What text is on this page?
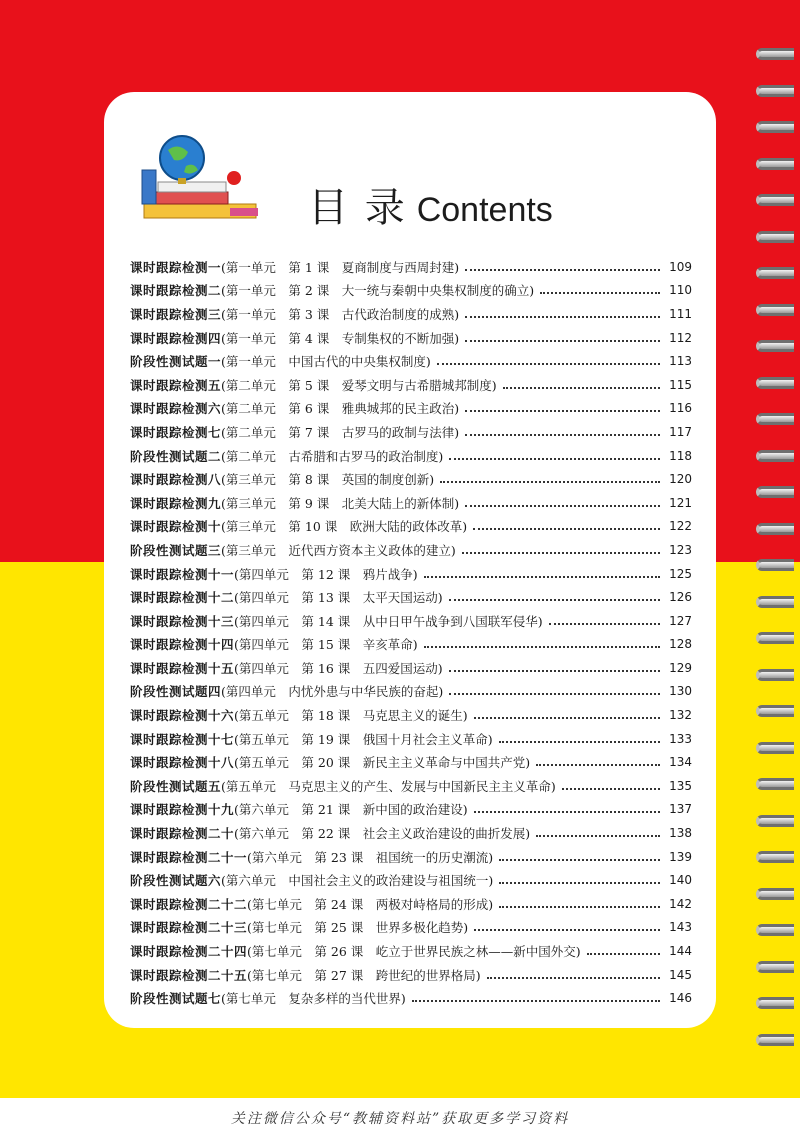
目 录 Contents
课时跟踪检测一 (第一单元　第 1 课　夏商制度与西周封建)	109
课时跟踪检测二 (第一单元　第 2 课　大一统与秦朝中央集权制度的确立)	110
课时跟踪检测三 (第一单元　第 3 课　古代政治制度的成熟)	111
课时跟踪检测四 (第一单元　第 4 课　专制集权的不断加强)	112
阶段性测试题一 (第一单元　中国古代的中央集权制度)	113
课时跟踪检测五 (第二单元　第 5 课　爱琴文明与古希腊城邦制度)	115
课时跟踪检测六 (第二单元　第 6 课　雅典城邦的民主政治)	116
课时跟踪检测七 (第二单元　第 7 课　古罗马的政制与法律)	117
阶段性测试题二 (第二单元　古希腊和古罗马的政治制度)	118
课时跟踪检测八 (第三单元　第 8 课　英国的制度创新)	120
课时跟踪检测九 (第三单元　第 9 课　北美大陆上的新体制)	121
课时跟踪检测十 (第三单元　第 10 课　欧洲大陆的政体改革)	122
阶段性测试题三 (第三单元　近代西方资本主义政体的建立)	123
课时跟踪检测十一 (第四单元　第 12 课　鸦片战争)	125
课时跟踪检测十二 (第四单元　第 13 课　太平天国运动)	126
课时跟踪检测十三 (第四单元　第 14 课　从中日甲午战争到八国联军侵华)	127
课时跟踪检测十四 (第四单元　第 15 课　辛亥革命)	128
课时跟踪检测十五 (第四单元　第 16 课　五四爱国运动)	129
阶段性测试题四 (第四单元　内忧外患与中华民族的奋起)	130
课时跟踪检测十六 (第五单元　第 18 课　马克思主义的诞生)	132
课时跟踪检测十七 (第五单元　第 19 课　俄国十月社会主义革命)	133
课时跟踪检测十八 (第五单元　第 20 课　新民主主义革命与中国共产党)	134
阶段性测试题五 (第五单元　马克思主义的产生、发展与中国新民主主义革命)	135
课时跟踪检测十九 (第六单元　第 21 课　新中国的政治建设)	137
课时跟踪检测二十 (第六单元　第 22 课　社会主义政治建设的曲折发展)	138
课时跟踪检测二十一 (第六单元　第 23 课　祖国统一的历史潮流)	139
阶段性测试题六 (第六单元　中国社会主义的政治建设与祖国统一)	140
课时跟踪检测二十二 (第七单元　第 24 课　两极对峙格局的形成)	142
课时跟踪检测二十三 (第七单元　第 25 课　世界多极化趋势)	143
课时跟踪检测二十四 (第七单元　第 26 课　屹立于世界民族之林——新中国外交)	144
课时跟踪检测二十五 (第七单元　第 27 课　跨世纪的世界格局)	145
阶段性测试题七 (第七单元　复杂多样的当代世界)	146
关注微信公众号“教辅资料站”获取更多学习资料
